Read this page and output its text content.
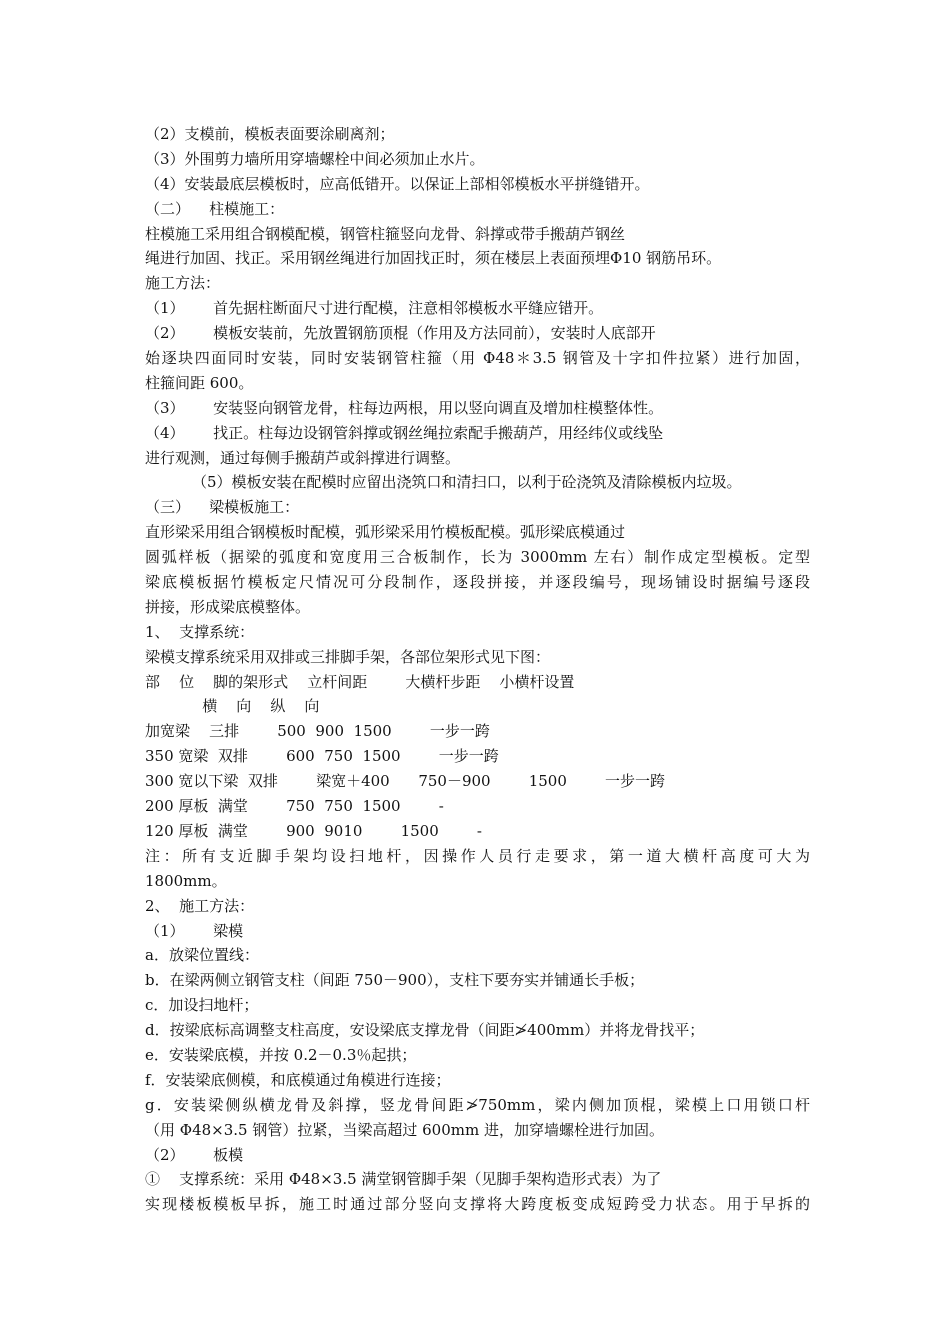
（2）支模前，模板表面要涂刷离剂；
（3）外围剪力墙所用穿墙螺栓中间必须加止水片。
（4）安装最底层模板时，应高低错开。以保证上部相邻模板水平拼缝错开。
（二）    柱模施工：
柱模施工采用组合钢模配模，钢管柱箍竖向龙骨、斜撑或带手搬葫芦钢丝
绳进行加固、找正。采用钢丝绳进行加固找正时，须在楼层上表面预埋Φ10 钢筋吊环。
施工方法：
（1）      首先据柱断面尺寸进行配模，注意相邻模板水平缝应错开。
（2）      模板安装前，先放置钢筋顶棍（作用及方法同前），安装时人底部开
始逐块四面同时安装，同时安装钢管柱箍（用 Φ48＊3.5 钢管及十字扣件拉紧）进行加固，
柱箍间距 600。
（3）      安装竖向钢管龙骨，柱每边两根，用以竖向调直及增加柱模整体性。
（4）      找正。柱每边设钢管斜撑或钢丝绳拉索配手搬葫芦，用经纬仪或线坠
进行观测，通过每侧手搬葫芦或斜撑进行调整。
（5）模板安装在配模时应留出浇筑口和清扫口，以利于砼浇筑及清除模板内垃圾。
（三）    梁模板施工：
直形梁采用组合钢模板时配模，弧形梁采用竹模板配模。弧形梁底模通过
圆弧样板（据梁的弧度和宽度用三合板制作，长为 3000mm 左右）制作成定型模板。定型
梁底模板据竹模板定尺情况可分段制作，逐段拼接，并逐段编号，现场铺设时据编号逐段
拼接，形成梁底模整体。
1、  支撑系统：
梁模支撑系统采用双排或三排脚手架，各部位架形式见下图：
部    位    脚的架形式    立杆间距        大横杆步距    小横杆设置
横    向    纵    向
加宽梁    三排        500  900  1500        一步一跨
350 宽梁  双排        600  750  1500        一步一跨
300 宽以下梁  双排        梁宽＋400      750－900        1500        一步一跨
200 厚板  满堂        750  750  1500        -
120 厚板  满堂        900  9010        1500        -
注：所有支近脚手架均设扫地杆，因操作人员行走要求，第一道大横杆高度可大为
1800mm。
2、  施工方法：
（1）      梁模
a．放梁位置线：
b．在梁两侧立钢管支柱（间距 750－900），支柱下要夯实并铺通长手板；
c．加设扫地杆；
d．按梁底标高调整支柱高度，安设梁底支撑龙骨（间距≯400mm）并将龙骨找平；
e．安装梁底模，并按 0.2－0.3％起拱；
f．安装梁底侧模，和底模通过角模进行连接；
g．安装梁侧纵横龙骨及斜撑，竖龙骨间距≯750mm，梁内侧加顶棍，梁模上口用锁口杆
（用 Φ48×3.5 钢管）拉紧，当梁高超过 600mm 进，加穿墙螺栓进行加固。
（2）      板模
①    支撑系统：采用 Φ48×3.5 满堂钢管脚手架（见脚手架构造形式表）为了
实现楼板模板早拆，施工时通过部分竖向支撑将大跨度板变成短跨受力状态。用于早拆的
